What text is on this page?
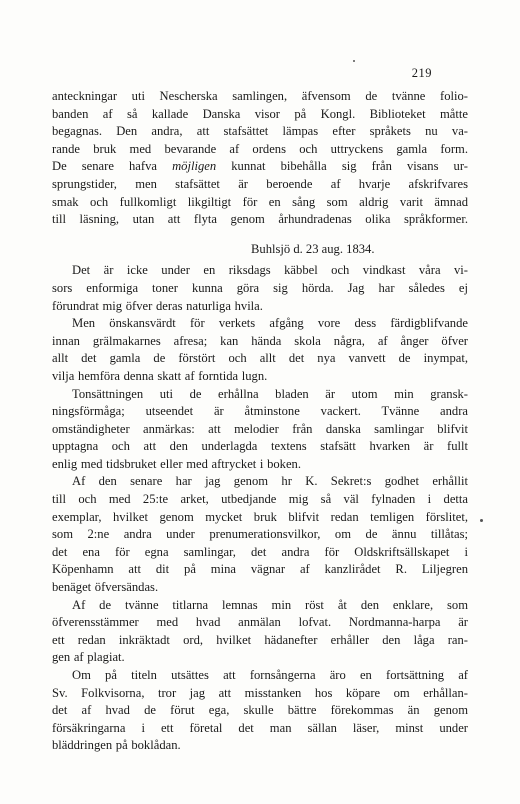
219
anteckningar uti Nescherska samlingen, äfvensom de tvänne folio-
banden af så kallade Danska visor på Kongl. Biblioteket måtte
begagnas. Den andra, att stafsättet lämpas efter språkets nu va-
rande bruk med bevarande af ordens och uttryckens gamla form.
De senare hafva möjligen kunnat bibehålla sig från visans ur-
sprungstider, men stafsättet är beroende af hvarje afskrifvares
smak och fullkomligt likgiltigt för en sång som aldrig varit ämnad
till läsning, utan att flyta genom århundradenas olika språkformer.
Buhlsjö d. 23 aug. 1834.
Det är icke under en riksdags käbbel och vindkast våra vi-
sors enformiga toner kunna göra sig hörda. Jag har således ej
förundrat mig öfver deras naturliga hvila.
Men önskansvärdt för verkets afgång vore dess färdigblifvande
innan grälmakarnes afresa; kan hända skola några, af ånger öfver
allt det gamla de förstört och allt det nya vanvett de inympat,
vilja hemföra denna skatt af forntida lugn.
Tonsättningen uti de erhållna bladen är utom min gransk-
ningsförmåga; utseendet är åtminstone vackert. Tvänne andra
omständigheter anmärkas: att melodier från danska samlingar blifvit
upptagna och att den underlagda textens stafsätt hvarken är fullt
enlig med tidsbruket eller med aftrycket i boken.
Af den senare har jag genom hr K. Sekret:s godhet erhållit
till och med 25:te arket, utbedjande mig så väl fylnaden i detta
exemplar, hvilket genom mycket bruk blifvit redan temligen förslitet,
som 2:ne andra under prenumerationsvilkor, om de ännu tillåtas;
det ena för egna samlingar, det andra för Oldskriftsällskapet i
Köpenhamn att dit på mina vägnar af kanzlirådet R. Liljegren
benäget öfversändas.
Af de tvänne titlarna lemnas min röst åt den enklare, som
öfverensstämmer med hvad anmälan lofvat. Nordmanna-harpa är
ett redan inkräktadt ord, hvilket hädanefter erhåller den låga ran-
gen af plagiat.
Om på titeln utsättes att fornsångerna äro en fortsättning af
Sv. Folkvisorna, tror jag att misstanken hos köpare om erhållan-
det af hvad de förut ega, skulle bättre förekommas än genom
försäkringarna i ett företal det man sällan läser, minst under
bläddringen på boklådan.
